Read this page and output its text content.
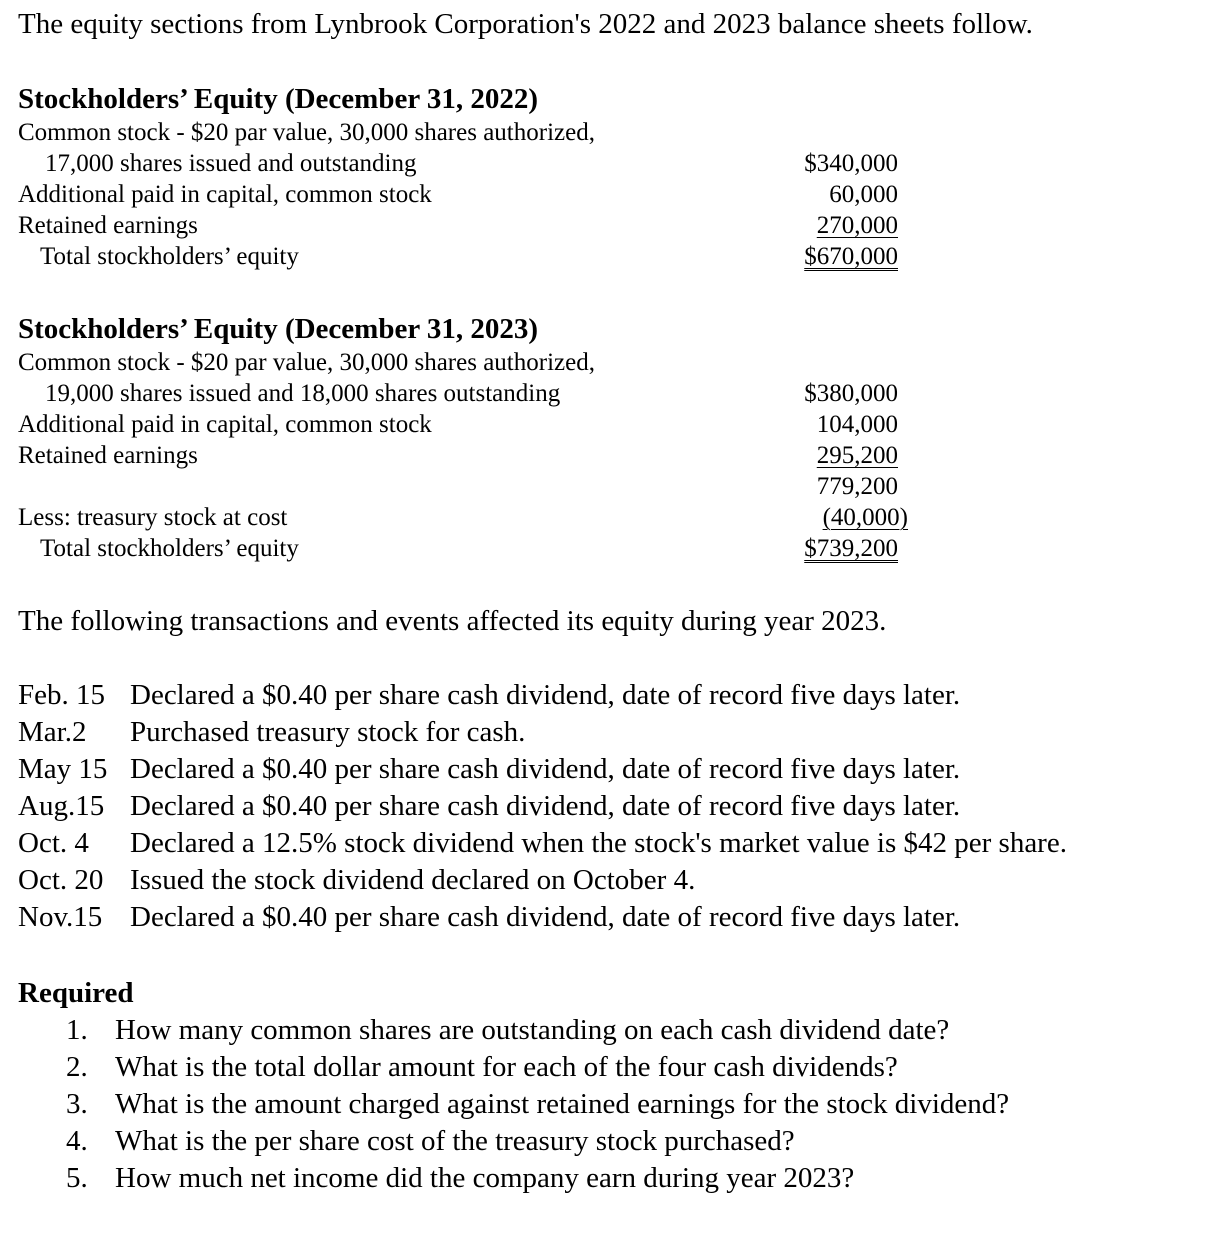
The equity sections from Lynbrook Corporation's 2022 and 2023 balance sheets follow.
Stockholders’ Equity (December 31, 2022)
Common stock - $20 par value, 30,000 shares authorized,
17,000 shares issued and outstanding	$340,000
Additional paid in capital, common stock	60,000
Retained earnings	270,000
Total stockholders’ equity	$670,000
Stockholders’ Equity (December 31, 2023)
Common stock - $20 par value, 30,000 shares authorized,
19,000 shares issued and 18,000 shares outstanding	$380,000
Additional paid in capital, common stock	104,000
Retained earnings	295,200
779,200
Less: treasury stock at cost	(40,000)
Total stockholders’ equity	$739,200
The following transactions and events affected its equity during year 2023.
Feb. 15 Declared a $0.40 per share cash dividend, date of record five days later.
Mar.2 Purchased treasury stock for cash.
May 15 Declared a $0.40 per share cash dividend, date of record five days later.
Aug.15 Declared a $0.40 per share cash dividend, date of record five days later.
Oct. 4 Declared a 12.5% stock dividend when the stock's market value is $42 per share.
Oct. 20 Issued the stock dividend declared on October 4.
Nov.15 Declared a $0.40 per share cash dividend, date of record five days later.
Required
1. How many common shares are outstanding on each cash dividend date?
2. What is the total dollar amount for each of the four cash dividends?
3. What is the amount charged against retained earnings for the stock dividend?
4. What is the per share cost of the treasury stock purchased?
5. How much net income did the company earn during year 2023?
